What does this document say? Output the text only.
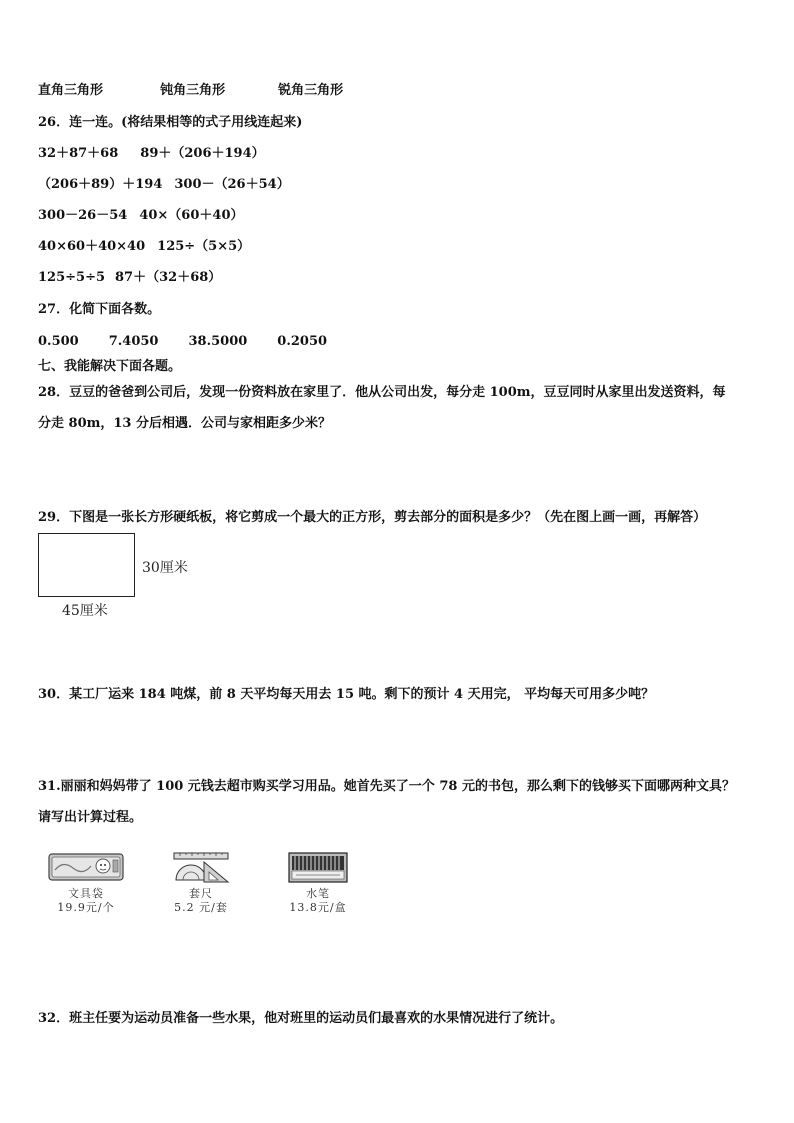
直角三角形	钝角三角形	锐角三角形
26．连一连。(将结果相等的式子用线连起来)
32＋87＋68 89＋（206＋194）
（206＋89）＋194 300－（26＋54）
300－26－54 40×（60＋40）
40×60＋40×40 125÷（5×5）
125÷5÷5 87＋（32＋68）
27．化简下面各数。
0.500 7.4050 38.5000 0.2050
七、我能解决下面各题。
28．豆豆的爸爸到公司后，发现一份资料放在家里了．他从公司出发，每分走 100m，豆豆同时从家里出发送资料，每
分走 80m，13 分后相遇．公司与家相距多少米？
29．下图是一张长方形硬纸板，将它剪成一个最大的正方形，剪去部分的面积是多少？（先在图上画一画，再解答）
30厘米
45厘米
30．某工厂运来 184 吨煤，前 8 天平均每天用去 15 吨。剩下的预计 4 天用完， 平均每天可用多少吨？
31.丽丽和妈妈带了 100 元钱去超市购买学习用品。她首先买了一个 78 元的书包，那么剩下的钱够买下面哪两种文具？
请写出计算过程。
文具袋
19.9元/个
套尺
5.2 元/套
水笔
13.8元/盒
32．班主任要为运动员准备一些水果，他对班里的运动员们最喜欢的水果情况进行了统计。
